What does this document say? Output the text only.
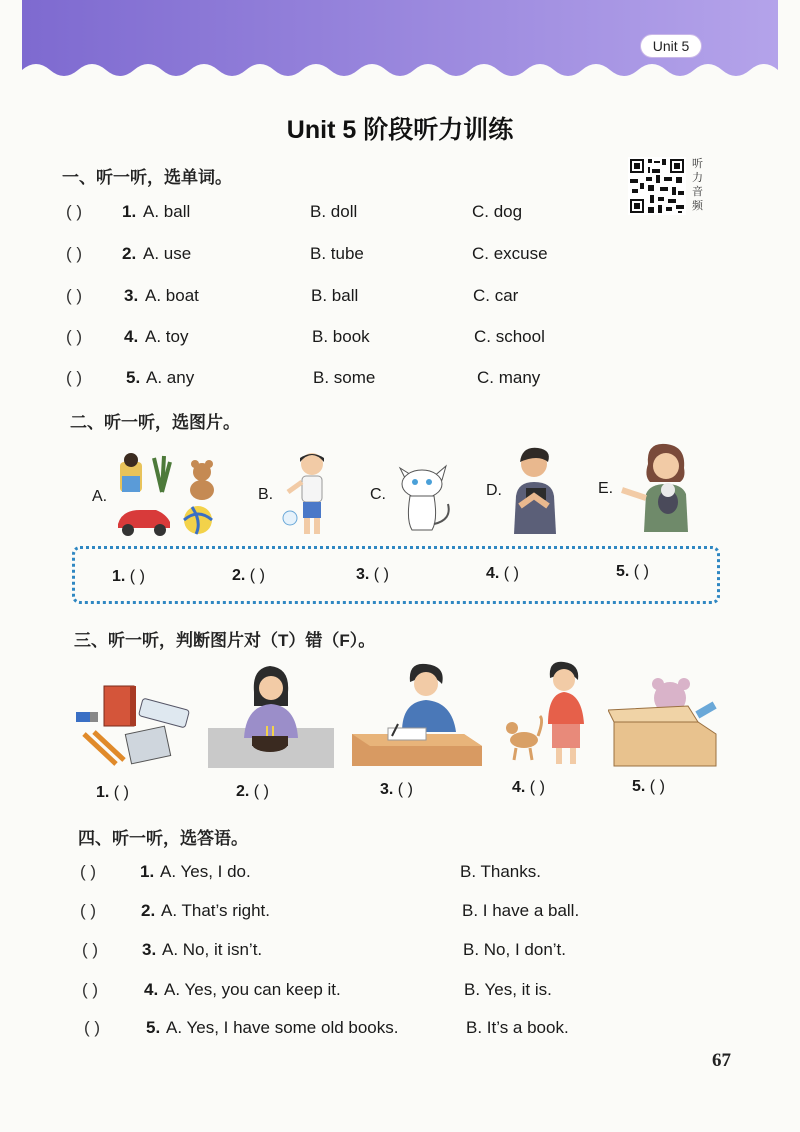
Unit 5
Unit 5 阶段听力训练
一、听一听，选单词。
听力音频
( ) 1. A. ball	B. doll	C. dog
( ) 2. A. use	B. tube	C. excuse
( ) 3. A. boat	B. ball	C. car
( ) 4. A. toy	B. book	C. school
( )	5. A. any	B. some	C. many
二、听一听，选图片。
A.	B.	C.	D.	E.
1. ( )	2. ( )	3. ( )	4. ( )	5. ( )
三、听一听，判断图片对（T）错（F）。
1. ( )	2. ( )	3. ( )	4. ( )	5. ( )
四、听一听，选答语。
( )	1. A. Yes, I do.	B. Thanks.
( )	2. A. That’s right.	B. I have a ball.
( )	3. A. No, it isn’t.	B. No, I don’t.
( )	4. A. Yes, you can keep it.	B. Yes, it is.
( )	5. A. Yes, I have some old books.	B. It’s a book.
67
